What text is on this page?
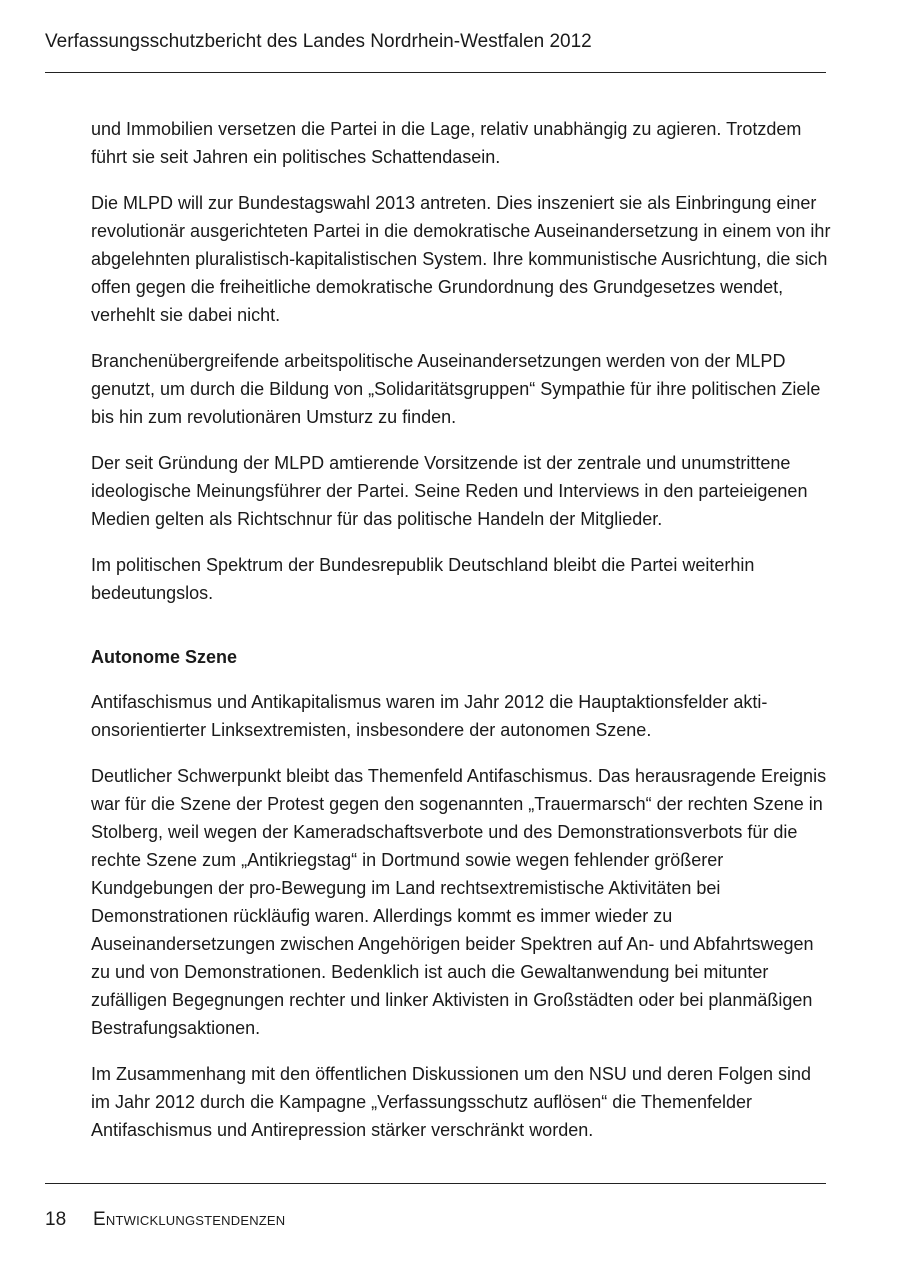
Verfassungsschutzbericht des Landes Nordrhein-Westfalen 2012

und Immobilien versetzen die Partei in die Lage, relativ unabhängig zu agieren. Trotzdem führt sie seit Jahren ein politisches Schattendasein.

Die MLPD will zur Bundestagswahl 2013 antreten. Dies inszeniert sie als Einbringung einer revolutionär ausgerichteten Partei in die demokratische Auseinandersetzung in einem von ihr abgelehnten pluralistisch-kapitalistischen System. Ihre kommunistische Ausrichtung, die sich offen gegen die freiheitliche demokratische Grundordnung des Grundgesetzes wendet, verhehlt sie dabei nicht.

Branchenübergreifende arbeitspolitische Auseinandersetzungen werden von der MLPD genutzt, um durch die Bildung von „Solidaritätsgruppen“ Sympathie für ihre politischen Ziele bis hin zum revolutionären Umsturz zu finden.

Der seit Gründung der MLPD amtierende Vorsitzende ist der zentrale und unumstrittene ideologische Meinungsführer der Partei. Seine Reden und Interviews in den parteieigenen Medien gelten als Richtschnur für das politische Handeln der Mitglieder.

Im politischen Spektrum der Bundesrepublik Deutschland bleibt die Partei weiterhin bedeutungslos.

Autonome Szene

Antifaschismus und Antikapitalismus waren im Jahr 2012 die Hauptaktionsfelder aktionsorientierter Linksextremisten, insbesondere der autonomen Szene.

Deutlicher Schwerpunkt bleibt das Themenfeld Antifaschismus. Das herausragende Ereignis war für die Szene der Protest gegen den sogenannten „Trauermarsch“ der rechten Szene in Stolberg, weil wegen der Kameradschaftsverbote und des Demonstrationsverbots für die rechte Szene zum „Antikriegstag“ in Dortmund sowie wegen fehlender größerer Kundgebungen der pro-Bewegung im Land rechtsextremistische Aktivitäten bei Demonstrationen rückläufig waren. Allerdings kommt es immer wieder zu Auseinandersetzungen zwischen Angehörigen beider Spektren auf An- und Abfahrtswegen zu und von Demonstrationen. Bedenklich ist auch die Gewaltanwendung bei mitunter zufälligen Begegnungen rechter und linker Aktivisten in Großstädten oder bei planmäßigen Bestrafungsaktionen.

Im Zusammenhang mit den öffentlichen Diskussionen um den NSU und deren Folgen sind im Jahr 2012 durch die Kampagne „Verfassungsschutz auflösen“ die Themenfelder Antifaschismus und Antirepression stärker verschränkt worden.

18 Entwicklungstendenzen
